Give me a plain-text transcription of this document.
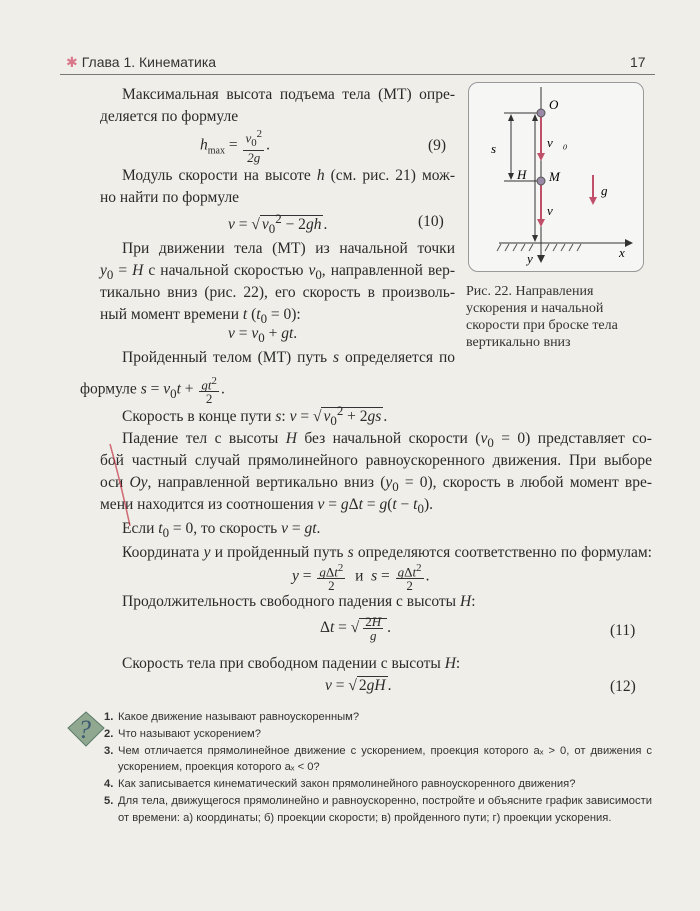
✱ Глава 1. Кинематика	17
Максимальная высота подъема тела (МТ) опре-
деляется по формуле
$h_{max} = \frac{v_0^2}{2g}$ .	(9)
Модуль скорости на высоте h (см. рис. 21) мож-
но найти по формуле
v = √ $v_0^2 - 2gh$ .	(10)
При движении тела (МТ) из начальной точки
$y_0 = H$ с начальной скоростью $v_0$, направленной вер-
тикально вниз (рис. 22), его скорость в произволь-
ный момент времени t $(t_0 = 0)$:
$v = v_0$ + gt.
Пройденный телом (МТ) путь s определяется по
формуле $s = v_0t + \frac{gt^2}{2}$ .
Скорость в конце пути s: v = √ $v_0^2 + 2gs$ .
Падение тел с высоты H без начальной скорости $(v_0 = 0)$ представляет со-
бой частный случай прямолинейного равноускоренного движения. При выборе
оси Oy, направленной вертикально вниз $(y_0 = 0)$, скорость в любой момент вре-
мени находится из соотношения $v = g\Delta t = g(t - t_0)$.
Если $t_0 = 0$, то скорость v = gt.
Координата y и пройденный путь s определяются соответственно по формулам:
$y = \frac{g\Delta t^2}{2}$ и $s = \frac{g\Delta t^2}{2}$ .
Продолжительность свободного падения с высоты H:
Δt = √ $\frac{2H}{g}$ .	(11)
Скорость тела при свободном падении с высоты H:
v = √ 2gH .	(12)
O
M
s
H
v⃗₀
v⃗
g⃗
x
y
Рис. 22. Направления ускорения и начальной скорости при броске тела вертикально вниз
? 1. Какое движение называют равноускоренным?
2. Что называют ускорением?
3. Чем отличается прямолинейное движение с ускорением, проекция которого aₓ > 0, от движения с ускорением, проекция которого aₓ < 0?
4. Как записывается кинематический закон прямолинейного равноускоренного движения?
5. Для тела, движущегося прямолинейно и равноускоренно, постройте и объясните график зависимости от времени: а) координаты; б) проекции скорости; в) пройденного пути; г) проекции ускорения.
